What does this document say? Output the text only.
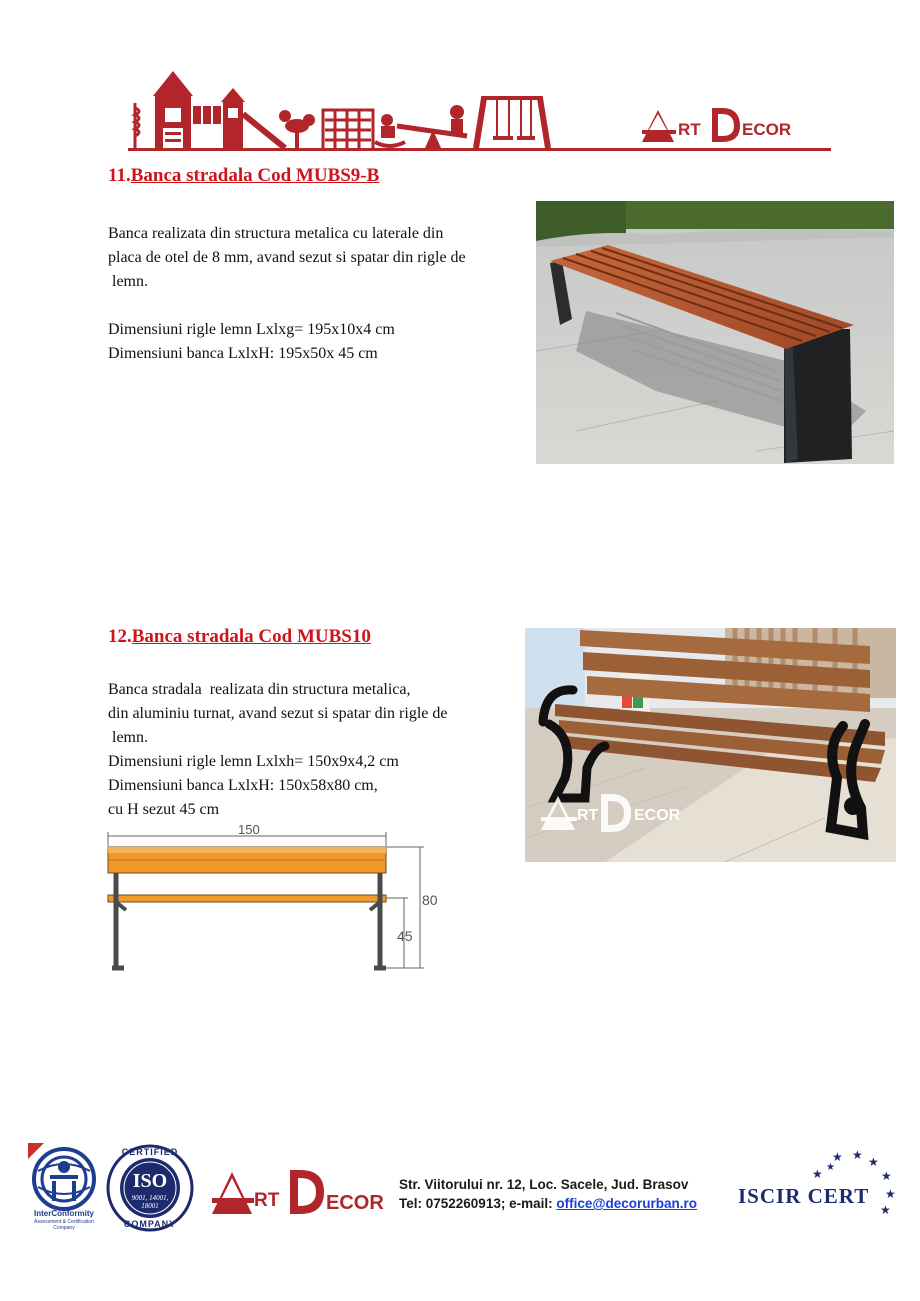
RT ECOR
11.Banca stradala Cod MUBS9-B

Banca realizata din structura metalica cu laterale din

placa de otel de 8 mm, avand sezut si spatar din rigle de

lemn.

Dimensiuni rigle lemn Lxlxg= 195x10x4 cm

Dimensiuni banca LxlxH: 195x50x 45 cm

12.Banca stradala Cod MUBS10

Banca stradala  realizata din structura metalica,

din aluminiu turnat, avand sezut si spatar din rigle de

lemn.

Dimensiuni rigle lemn Lxlxh= 150x9x4,2 cm

Dimensiuni banca LxlxH: 150x58x80 cm,

cu H sezut 45 cm	RT ECOR
150
80
45
InterConformity
Assessment & Certification
Company
CERTIFIED
ISO
9001, 14001,
18001
COMPANY
RT ECOR
Str. Viitorului nr. 12, Loc. Sacele, Jud. Brasov
Tel: 0752260913; e-mail: office@decorurban.ro
★
★ ★ ★
★
★
★
★
ISCIR CERT
